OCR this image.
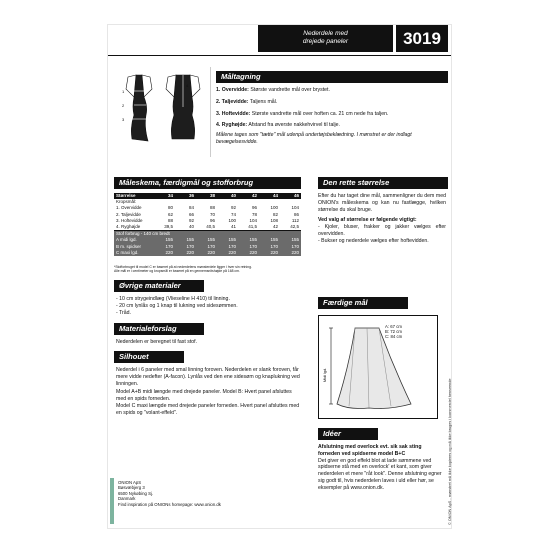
Nederdele med
drejede paneler	3019
1
2
3
4
Måltagning
1. Overvidde: Største vandrette mål over brystet.
2. Taljevidde: Taljens mål.
3. Hoftevidde: Største vandrette mål over hoften ca. 21 cm nede fra taljen.
4. Ryghøjde: Afstand fra øverste nakkehvirvel til talje.
Målene tages som "tætte" mål udenpå undertøjsbeklædning. I mønstret er der indlagt bevægelsesvidde.
Måleskema, færdigmål og stofforbrug
Størrelse	34	36	38	40	42	44	46
Kropsmål:							
1. Overvidde	80	84	88	92	96	100	104
2. Taljevidde	62	66	70	74	78	82	86
3. Hoftevidde	88	92	96	100	104	108	112
4. Ryghøjde	39,5	40	40,5	41	41,5	42	42,5
Stof forbrug - 140 cm bredt							
A midi lgd.	155	155	155	155	155	155	155
B m. spidser	170	170	170	170	170	170	170
C maxi lgd.	220	220	220	220	220	220	220
*Stofforbruget til model C er baseret på at nederdelens mønsterdele ligger i hver sin retning.
Alle mål er i centimeter og kropsmål er baseret på en gennemsnitshøjde på 168 cm.
Øvrige materialer
- 10 cm strygeindlæg (Vlieseline H 410) til linning.
- 20 cm lynlås og 1 knap til lukning ved sidesømmen.
- Tråd.
Materialeforslag
Nederdelen er beregnet til fast stof.
Silhouet
Nederdel i 6 paneler med smal linning foroven. Nederdelen er slank foroven, får mere vidde nedefter (A-facon). Lynlås ved den ene sidesøm og knaplukning ved linningen.
Model A+B midi længde med drejede paneler. Model B: Hvert panel afsluttes med en spids forneden.
Model C maxi længde med drejede paneler forneden. Hvert panel afsluttes med en spids og "volant-effekt".
ONION ApS
Bøsvæbjerg 3
6500 Nykøbing Sj.
Danmark
Find inspiration på ONIONs homepage: www.onion.dk
Den rette størrelse
Efter du har taget dine mål, sammenligner du dem med ONION's måleskema og kan nu fastlægge, hvilken størrelse du skal bruge.
Ved valg af størrelse er følgende vigtigt:
- Kjoler, bluser, frakker og jakker vælges efter overvidden.
- Bukser og nederdele vælges efter hoftevidden.
Færdige mål
Midi lgd.
A: 67 cm
B: 72 cm
C: 84 cm
Idéer
Afslutning med overlock evt. sik sak sting forneden ved spidserne model B+C
Det giver en god effekt blot at lade sømmene ved spidserne stå med en overlock' et kant, som giver nederdelen et mere "råt look". Denne afslutning egner sig godt til, hvis nederdelen laves i uld eller hør, se eksempler på www.onion.dk.	© ONION ApS - mønstret må ikke kopieres og må ikke bruges i kommerciel henseende
